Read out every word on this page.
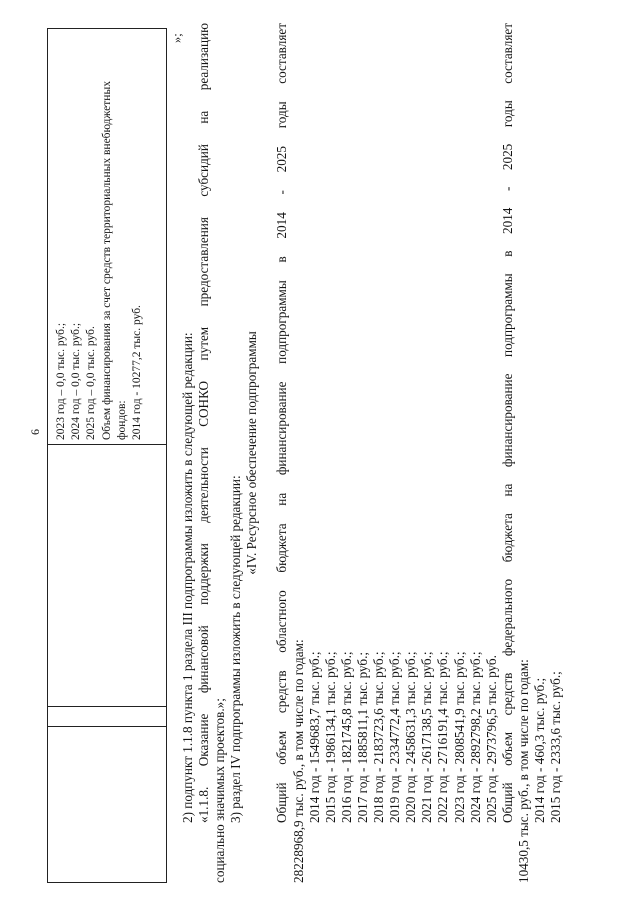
6 2023 год – 0,0 тыс. руб.; 2024 год – 0,0 тыс. руб.; 2025 год – 0,0 тыс. руб. Объем финансирования за счет средств территориальных внебюджетных фондов: 2014 год - 10277,2 тыс. руб.
»;

2) подпункт 1.1.8 пункта 1 раздела III подпрограммы изложить в следующей редакции: «1.1.8. Оказание финансовой поддержки деятельности СОНКО путем предоставления субсидий на реализацию социально значимых проектов.»; 3) раздел IV подпрограммы изложить в следующей редакции:

«IV. Ресурсное обеспечение подпрограммы Общий объем средств областного бюджета на финансирование подпрограммы в 2014 - 2025 годы составляет 28228968,9 тыс. руб., в том числе по годам: 2014 год - 1549683,7 тыс. руб.; 2015 год - 1986134,1 тыс. руб.; 2016 год - 1821745,8 тыс. руб.; 2017 год - 1885811,1 тыс. руб.; 2018 год - 2183723,6 тыс. руб.; 2019 год - 2334772,4 тыс. руб.; 2020 год - 2458631,3 тыс. руб.; 2021 год - 2617138,5 тыс. руб.; 2022 год - 2716191,4 тыс. руб.; 2023 год - 2808541,9 тыс. руб.; 2024 год - 2892798,2 тыс. руб.; 2025 год - 2973796,5 тыс. руб. Общий объем средств федерального бюджета на финансирование подпрограммы в 2014 - 2025 годы составляет 10430,5 тыс. руб., в том числе по годам: 2014 год - 460,3 тыс. руб.; 2015 год - 2333,6 тыс. руб.;
